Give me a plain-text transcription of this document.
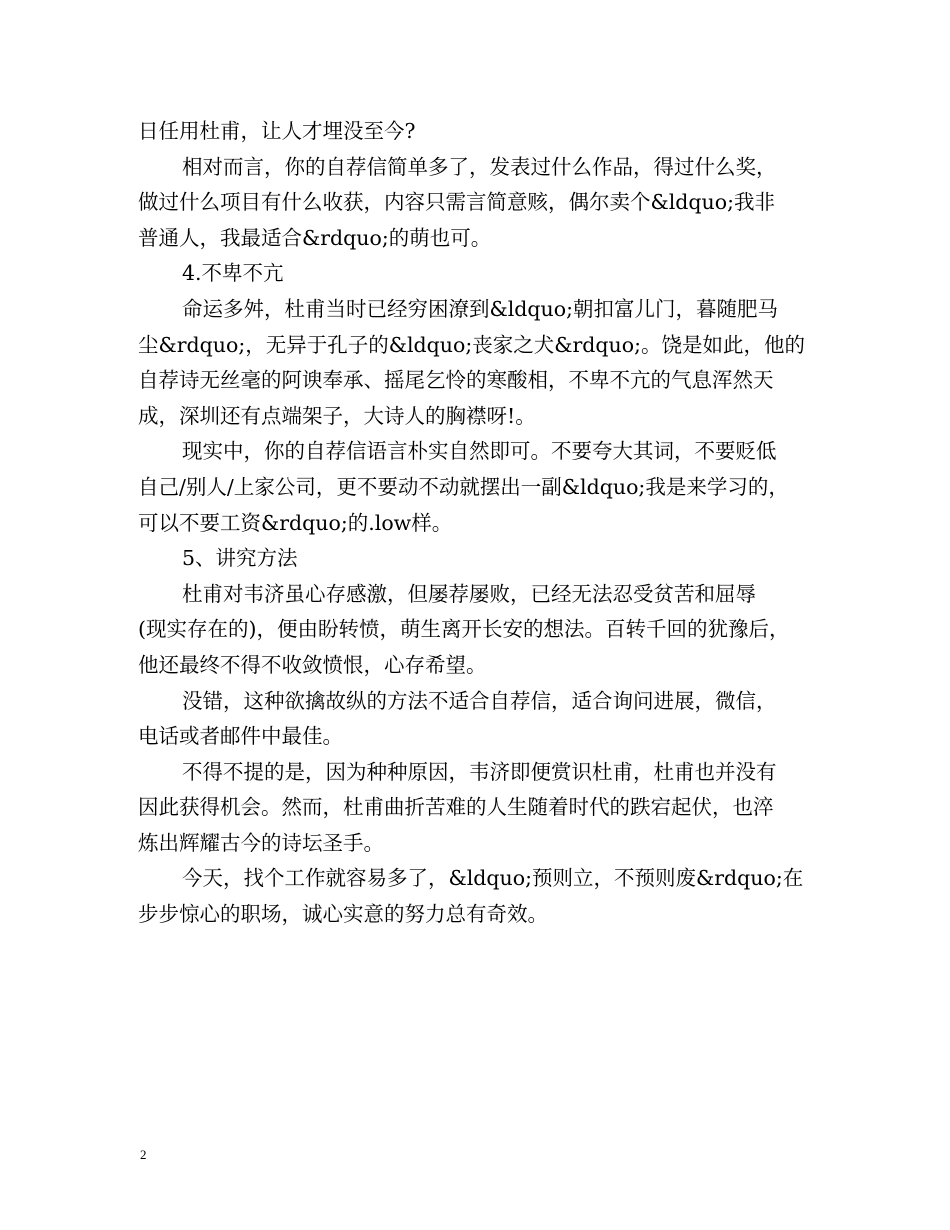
日任用杜甫，让人才埋没至今?

相对而言，你的自荐信简单多了，发表过什么作品，得过什么奖，
做过什么项目有什么收获，内容只需言简意赅，偶尔卖个&ldquo;我非
普通人，我最适合&rdquo;的萌也可。

4.不卑不亢

命运多舛，杜甫当时已经穷困潦到&ldquo;朝扣富儿门，暮随肥马
尘&rdquo;，无异于孔子的&ldquo;丧家之犬&rdquo;。饶是如此，他的
自荐诗无丝毫的阿谀奉承、摇尾乞怜的寒酸相，不卑不亢的气息浑然天
成，深圳还有点端架子，大诗人的胸襟呀!。

现实中，你的自荐信语言朴实自然即可。不要夸大其词，不要贬低
自己/别人/上家公司，更不要动不动就摆出一副&ldquo;我是来学习的，
可以不要工资&rdquo;的.low样。

5、讲究方法

杜甫对韦济虽心存感激，但屡荐屡败，已经无法忍受贫苦和屈辱
(现实存在的)，便由盼转愤，萌生离开长安的想法。百转千回的犹豫后，
他还最终不得不收敛愤恨，心存希望。

没错，这种欲擒故纵的方法不适合自荐信，适合询问进展，微信，
电话或者邮件中最佳。

不得不提的是，因为种种原因，韦济即便赏识杜甫，杜甫也并没有
因此获得机会。然而，杜甫曲折苦难的人生随着时代的跌宕起伏，也淬
炼出辉耀古今的诗坛圣手。

今天，找个工作就容易多了，&ldquo;预则立，不预则废&rdquo;在
步步惊心的职场，诚心实意的努力总有奇效。

2
